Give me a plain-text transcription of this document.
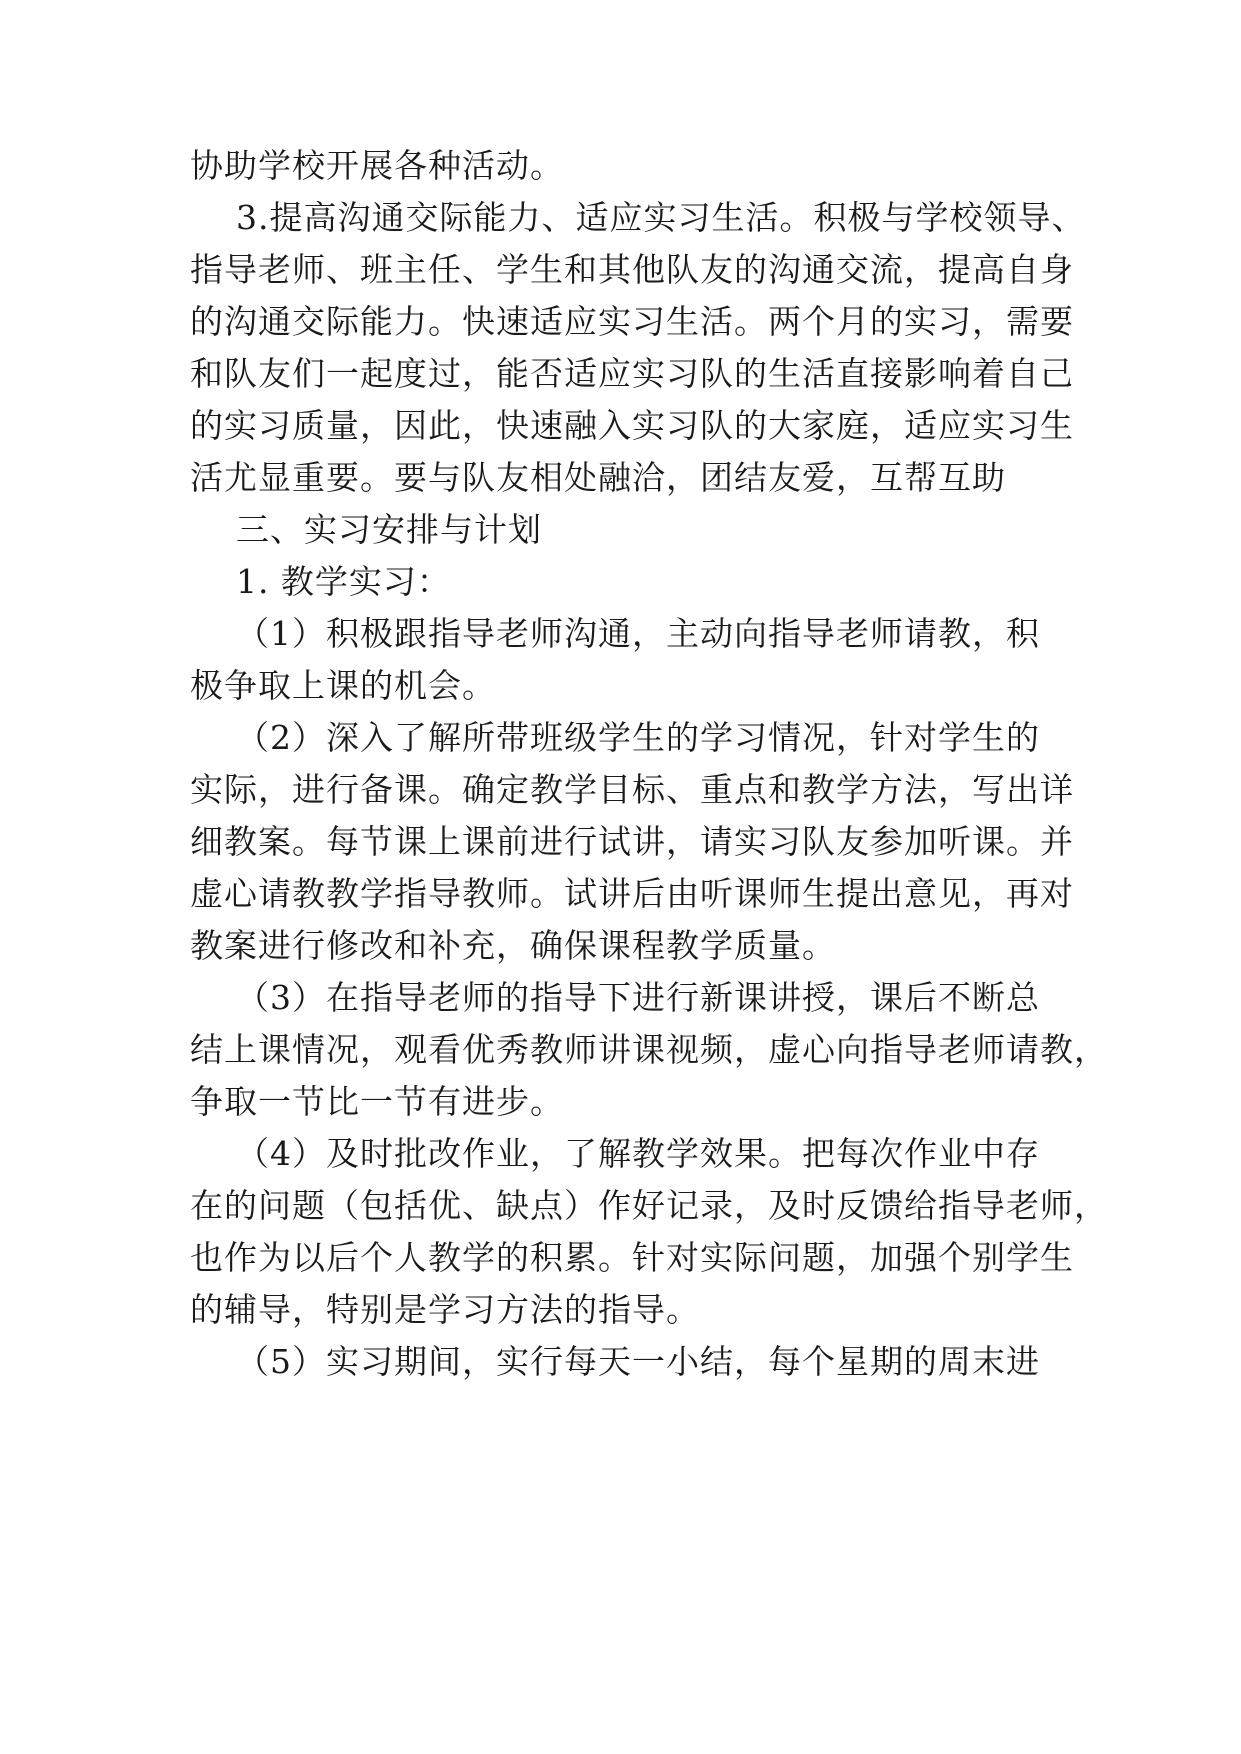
协助学校开展各种活动。
3.提高沟通交际能力、适应实习生活。积极与学校领导、
指导老师、班主任、学生和其他队友的沟通交流，提高自身
的沟通交际能力。快速适应实习生活。两个月的实习，需要
和队友们一起度过，能否适应实习队的生活直接影响着自己
的实习质量，因此，快速融入实习队的大家庭，适应实习生
活尤显重要。要与队友相处融洽，团结友爱，互帮互助
三、实习安排与计划
1. 教学实习：
（1）积极跟指导老师沟通，主动向指导老师请教，积
极争取上课的机会。
（2）深入了解所带班级学生的学习情况，针对学生的
实际，进行备课。确定教学目标、重点和教学方法，写出详
细教案。每节课上课前进行试讲，请实习队友参加听课。并
虚心请教教学指导教师。试讲后由听课师生提出意见，再对
教案进行修改和补充，确保课程教学质量。
（3）在指导老师的指导下进行新课讲授，课后不断总
结上课情况，观看优秀教师讲课视频，虚心向指导老师请教，
争取一节比一节有进步。
（4）及时批改作业，了解教学效果。把每次作业中存
在的问题（包括优、缺点）作好记录，及时反馈给指导老师，
也作为以后个人教学的积累。针对实际问题，加强个别学生
的辅导，特别是学习方法的指导。
（5）实习期间，实行每天一小结，每个星期的周末进
